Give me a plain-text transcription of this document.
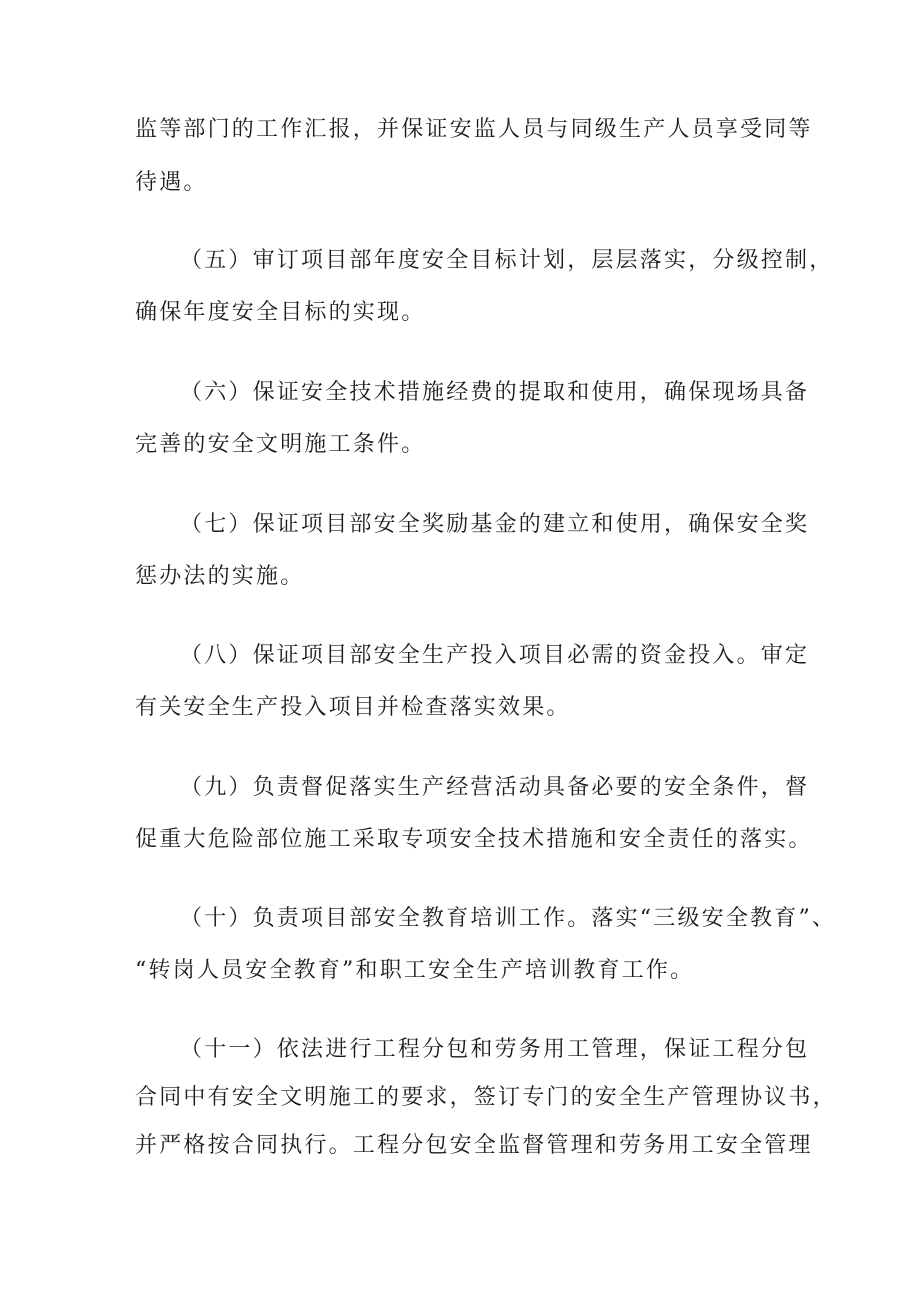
监等部门的工作汇报，并保证安监人员与同级生产人员享受同等
待遇。
（五）审订项目部年度安全目标计划，层层落实，分级控制，
确保年度安全目标的实现。
（六）保证安全技术措施经费的提取和使用，确保现场具备
完善的安全文明施工条件。
（七）保证项目部安全奖励基金的建立和使用，确保安全奖
惩办法的实施。
（八）保证项目部安全生产投入项目必需的资金投入。审定
有关安全生产投入项目并检查落实效果。
（九）负责督促落实生产经营活动具备必要的安全条件，督
促重大危险部位施工采取专项安全技术措施和安全责任的落实。
（十）负责项目部安全教育培训工作。落实“三级安全教育”、
“转岗人员安全教育”和职工安全生产培训教育工作。
（十一）依法进行工程分包和劳务用工管理，保证工程分包
合同中有安全文明施工的要求，签订专门的安全生产管理协议书，
并严格按合同执行。工程分包安全监督管理和劳务用工安全管理
